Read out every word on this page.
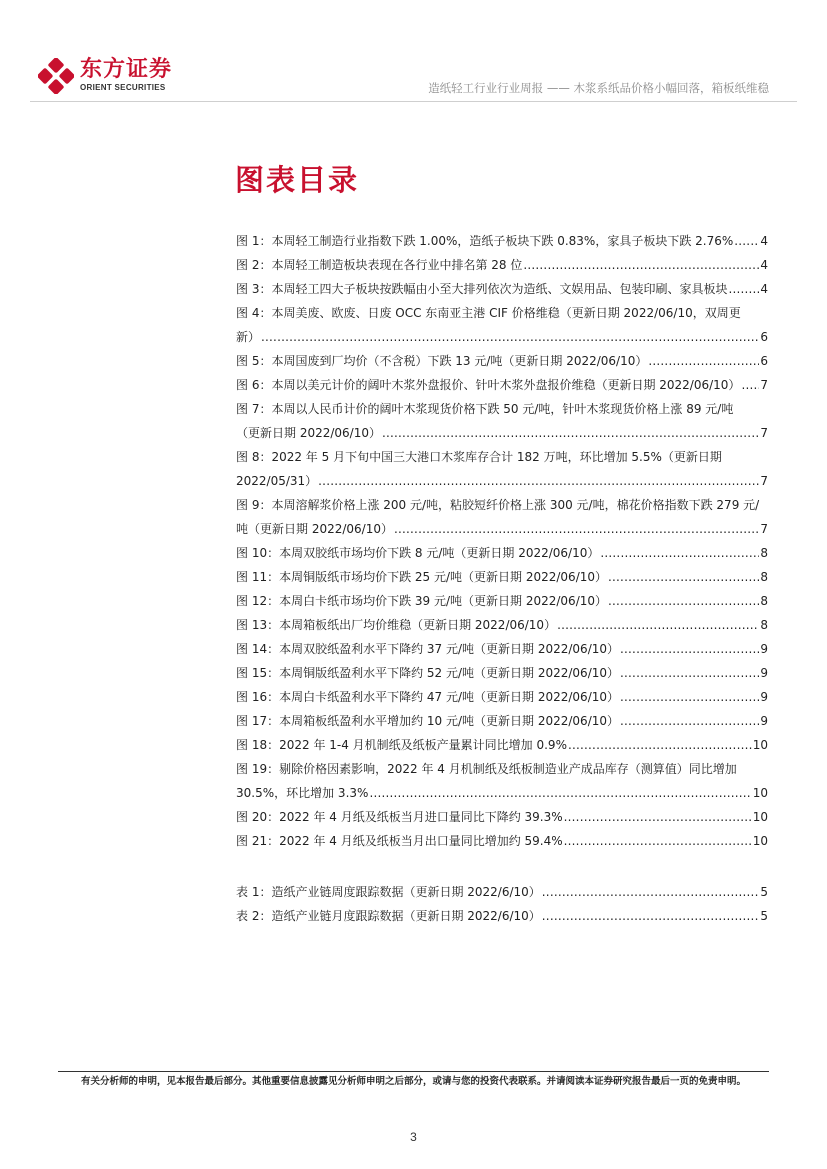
东方证券
ORIENT SECURITIES	造纸轻工行业行业周报 —— 木浆系纸品价格小幅回落，箱板纸维稳
图表目录
图 1：本周轻工制造行业指数下跌 1.00%，造纸子板块下跌 0.83%，家具子板块下跌 2.76% ..... 4
图 2：本周轻工制造板块表现在各行业中排名第 28 位 .....	4
图 3：本周轻工四大子板块按跌幅由小至大排列依次为造纸、文娱用品、包装印刷、家具板块 .....	4
图 4：本周美废、欧废、日废 OCC 东南亚主港 CIF 价格维稳（更新日期 2022/06/10，双周更
新） .....	6
图 5：本周国废到厂均价（不含税）下跌 13 元/吨（更新日期 2022/06/10） .....	6
图 6：本周以美元计价的阔叶木浆外盘报价、针叶木浆外盘报价维稳（更新日期 2022/06/10） ..... 7
图 7：本周以人民币计价的阔叶木浆现货价格下跌 50 元/吨，针叶木浆现货价格上涨 89 元/吨
（更新日期 2022/06/10） .....	7
图 8：2022 年 5 月下旬中国三大港口木浆库存合计 182 万吨，环比增加 5.5%（更新日期
2022/05/31） .....	7
图 9：本周溶解浆价格上涨 200 元/吨，粘胶短纤价格上涨 300 元/吨，棉花价格指数下跌 279 元/
吨（更新日期 2022/06/10） .....	7
图 10：本周双胶纸市场均价下跌 8 元/吨（更新日期 2022/06/10） .....	8
图 11：本周铜版纸市场均价下跌 25 元/吨（更新日期 2022/06/10） .....	8
图 12：本周白卡纸市场均价下跌 39 元/吨（更新日期 2022/06/10） .....	8
图 13：本周箱板纸出厂均价维稳（更新日期 2022/06/10） .....	8
图 14：本周双胶纸盈利水平下降约 37 元/吨（更新日期 2022/06/10） .....	9
图 15：本周铜版纸盈利水平下降约 52 元/吨（更新日期 2022/06/10） .....	9
图 16：本周白卡纸盈利水平下降约 47 元/吨（更新日期 2022/06/10） .....	9
图 17：本周箱板纸盈利水平增加约 10 元/吨（更新日期 2022/06/10） .....	9
图 18：2022 年 1-4 月机制纸及纸板产量累计同比增加 0.9% .....	10
图 19：剔除价格因素影响，2022 年 4 月机制纸及纸板制造业产成品库存（测算值）同比增加
30.5%，环比增加 3.3% .....	10
图 20：2022 年 4 月纸及纸板当月进口量同比下降约 39.3% .....	10
图 21：2022 年 4 月纸及纸板当月出口量同比增加约 59.4% .....	10
表 1：造纸产业链周度跟踪数据（更新日期 2022/6/10） .....	5
表 2：造纸产业链月度跟踪数据（更新日期 2022/6/10） .....	5
有关分析师的申明，见本报告最后部分。其他重要信息披露见分析师申明之后部分，或请与您的投资代表联系。并请阅读本证券研究报告最后一页的免责申明。
3
